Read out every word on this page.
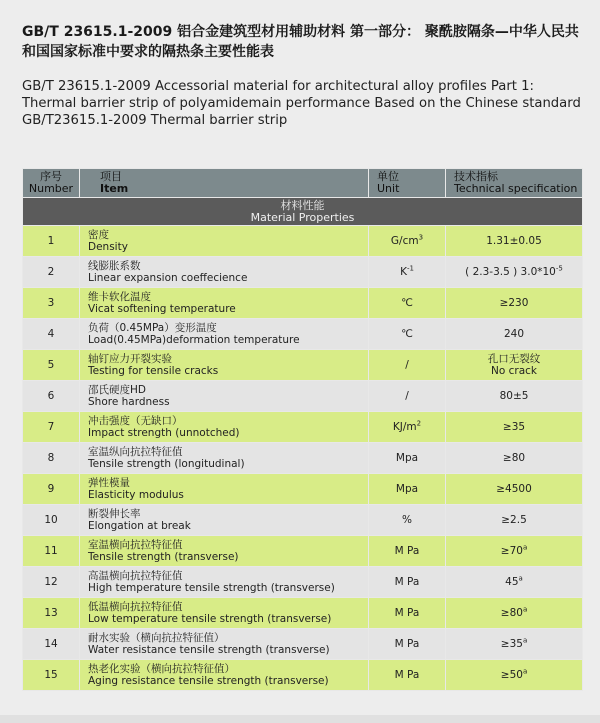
GB/T 23615.1-2009 铝合金建筑型材用辅助材料 第一部分： 聚酰胺隔条—中华人民共和国国家标准中要求的隔热条主要性能表
GB/T 23615.1-2009 Accessorial material for architectural alloy profiles Part 1: Thermal barrier strip of polyamidemain performance Based on the Chinese standard GB/T23615.1-2009 Thermal barrier strip
序号
Number	项目
Item	单位
Unit	技术指标
Technical specification

材料性能
Material Properties			

1	密度
Density	$G/cm^3$	1.31±0.05
2	线膨胀系数
Linear expansion coeffecience	$K^{-1}$	( 2.3-3.5 ) $3.0*10^{-5}$
3	维卡软化温度
Vicat softening temperature	℃	≥230
4	负荷（0.45MPa）变形温度
Load(0.45MPa)deformation temperature	℃	240
5	轴钉应力开裂实验
Testing for tensile cracks	/	孔口无裂纹
No crack

6	邵氏硬度HD
Shore hardness	/	80±5
7	冲击强度（无缺口）
Impact strength (unnotched)	$KJ/m^2$	≥35
8	室温纵向抗拉特征值
Tensile strength (longitudinal)	Mpa	≥80
9	弹性模量
Elasticity modulus	Mpa	≥4500
10	断裂伸长率
Elongation at break	%	≥2.5
11	室温横向抗拉特征值
Tensile strength (transverse)	M Pa	$\ge 70^a$
12	高温横向抗拉特征值
High temperature tensile strength (transverse)	M Pa	45$^a$
13	低温横向抗拉特征值
Low temperature tensile strength (transverse)	M Pa	$\ge 80^a$
14	耐水实验（横向抗拉特征值）
Water resistance tensile strength (transverse)	M Pa	$\ge 35^a$
15	热老化实验（横向抗拉特征值）
Aging resistance tensile strength (transverse)	M Pa	$\ge 50^a$
